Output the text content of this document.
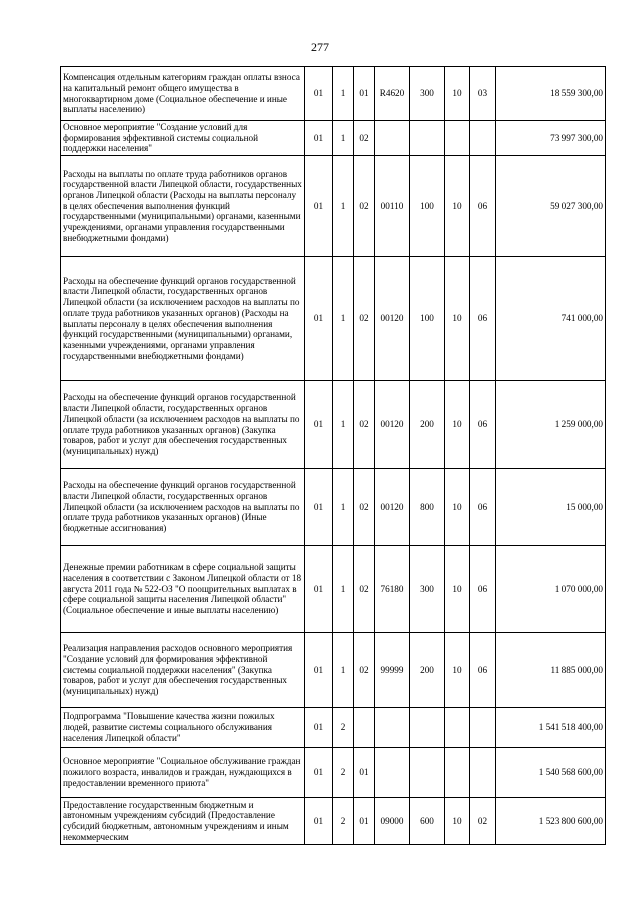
277
Компенсация отдельным категориям граждан оплаты взноса на капитальный ремонт общего имущества в многоквартирном доме (Социальное обеспечение и иные выплаты населению)	01	1	01	R4620	300	10	03	18 559 300,00
Основное мероприятие "Создание условий для формирования эффективной системы социальной поддержки населения"	01	1	02					73 997 300,00
Расходы на выплаты по оплате труда работников органов государственной власти Липецкой области, государственных органов Липецкой области (Расходы на выплаты персоналу в целях обеспечения выполнения функций государственными (муниципальными) органами, казенными учреждениями, органами управления государственными внебюджетными фондами)	01	1	02	00110	100	10	06	59 027 300,00
Расходы на обеспечение функций органов государственной власти Липецкой области, государственных органов Липецкой области (за исключением расходов на выплаты по оплате труда работников указанных органов) (Расходы на выплаты персоналу в целях обеспечения выполнения функций государственными (муниципальными) органами, казенными учреждениями, органами управления государственными внебюджетными фондами)	01	1	02	00120	100	10	06	741 000,00
Расходы на обеспечение функций органов государственной власти Липецкой области, государственных органов Липецкой области (за исключением расходов на выплаты по оплате труда работников указанных органов) (Закупка товаров, работ и услуг для обеспечения государственных (муниципальных) нужд)	01	1	02	00120	200	10	06	1 259 000,00
Расходы на обеспечение функций органов государственной власти Липецкой области, государственных органов Липецкой области (за исключением расходов на выплаты по оплате труда работников указанных органов) (Иные бюджетные ассигнования)	01	1	02	00120	800	10	06	15 000,00
Денежные премии работникам в сфере социальной защиты населения в соответствии с Законом Липецкой области от 18 августа 2011 года № 522-ОЗ "О поощрительных выплатах в сфере социальной защиты населения Липецкой области" (Социальное обеспечение и иные выплаты населению)	01	1	02	76180	300	10	06	1 070 000,00
Реализация направления расходов основного мероприятия "Создание условий для формирования эффективной системы социальной поддержки населения" (Закупка товаров, работ и услуг для обеспечения государственных (муниципальных) нужд)	01	1	02	99999	200	10	06	11 885 000,00
Подпрограмма "Повышение качества жизни пожилых людей, развитие системы социального обслуживания населения Липецкой области"	01	2						1 541 518 400,00
Основное мероприятие "Социальное обслуживание граждан пожилого возраста, инвалидов и граждан, нуждающихся в предоставлении временного приюта"	01	2	01					1 540 568 600,00
Предоставление государственным бюджетным и автономным учреждениям субсидий (Предоставление субсидий бюджетным, автономным учреждениям и иным некоммерческим	01	2	01	09000	600	10	02	1 523 800 600,00
